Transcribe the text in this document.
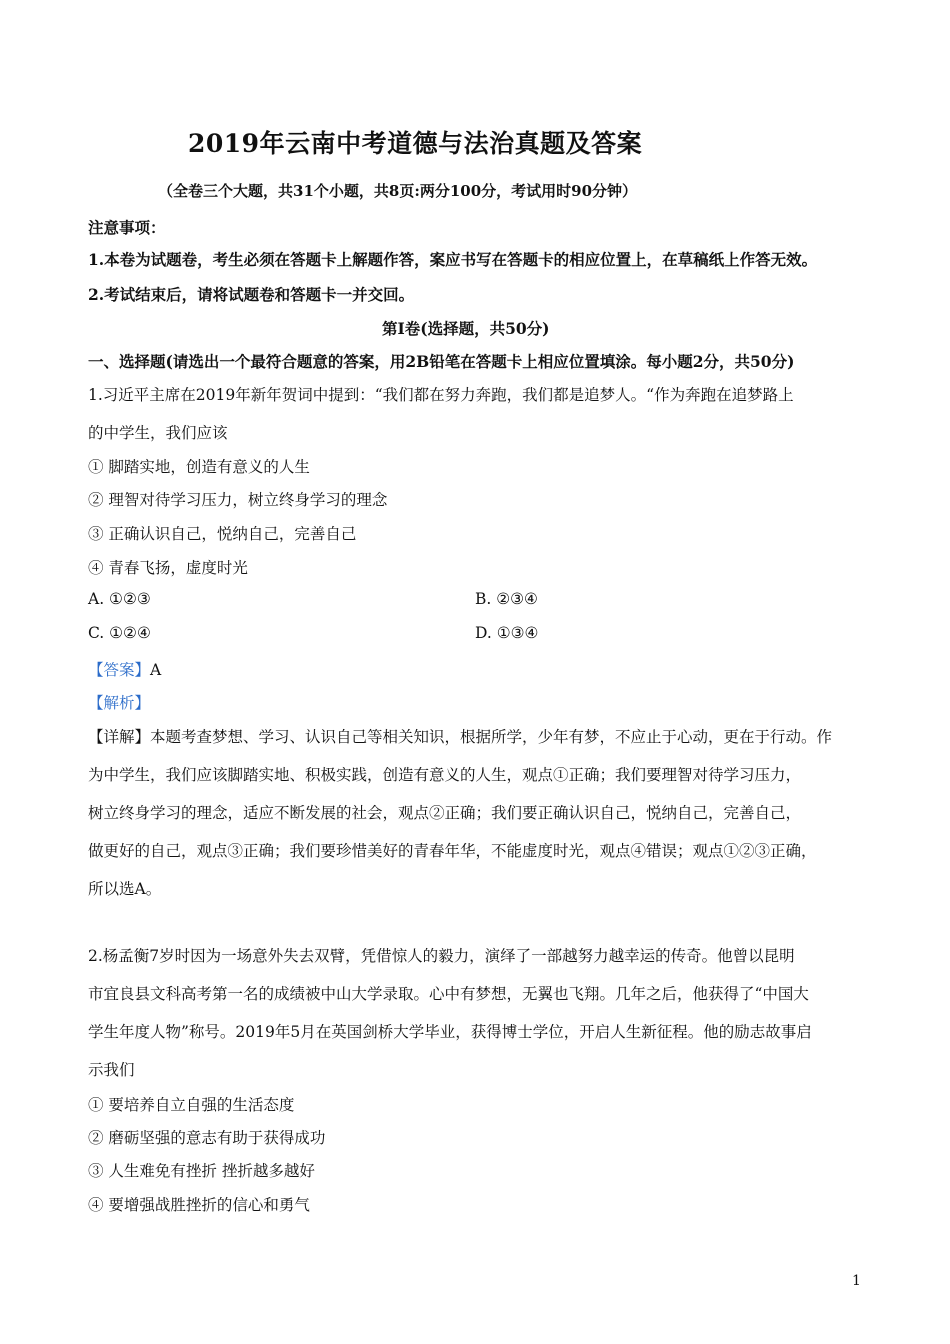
2019年云南中考道德与法治真题及答案
（全卷三个大题，共31个小题，共8页:两分100分，考试用时90分钟）
注意事项：
1.本卷为试题卷，考生必须在答题卡上解题作答，案应书写在答题卡的相应位置上，在草稿纸上作答无效。
2.考试结束后，请将试题卷和答题卡一并交回。
第Ⅰ卷(选择题，共50分)
一、选择题(请选出一个最符合题意的答案，用2B铅笔在答题卡上相应位置填涂。每小题2分，共50分)
1.习近平主席在2019年新年贺词中提到：“我们都在努力奔跑，我们都是追梦人。“作为奔跑在追梦路上
的中学生，我们应该
① 脚踏实地，创造有意义的人生
② 理智对待学习压力，树立终身学习的理念
③ 正确认识自己，悦纳自己，完善自己
④ 青春飞扬，虚度时光
A. ①②③	B. ②③④
C. ①②④	D. ①③④
【答案】A
【解析】
【详解】本题考查梦想、学习、认识自己等相关知识，根据所学，少年有梦，不应止于心动，更在于行动。作
为中学生，我们应该脚踏实地、积极实践，创造有意义的人生，观点①正确；我们要理智对待学习压力，
树立终身学习的理念，适应不断发展的社会，观点②正确；我们要正确认识自己，悦纳自己，完善自己，
做更好的自己，观点③正确；我们要珍惜美好的青春年华，不能虚度时光，观点④错误；观点①②③正确，
所以选A。
2.杨孟衡7岁时因为一场意外失去双臂，凭借惊人的毅力，演绎了一部越努力越幸运的传奇。他曾以昆明
市宜良县文科高考第一名的成绩被中山大学录取。心中有梦想，无翼也飞翔。几年之后，他获得了“中国大
学生年度人物”称号。2019年5月在英国剑桥大学毕业，获得博士学位，开启人生新征程。他的励志故事启
示我们
① 要培养自立自强的生活态度
② 磨砺坚强的意志有助于获得成功
③ 人生难免有挫折 挫折越多越好
④ 要增强战胜挫折的信心和勇气
1
